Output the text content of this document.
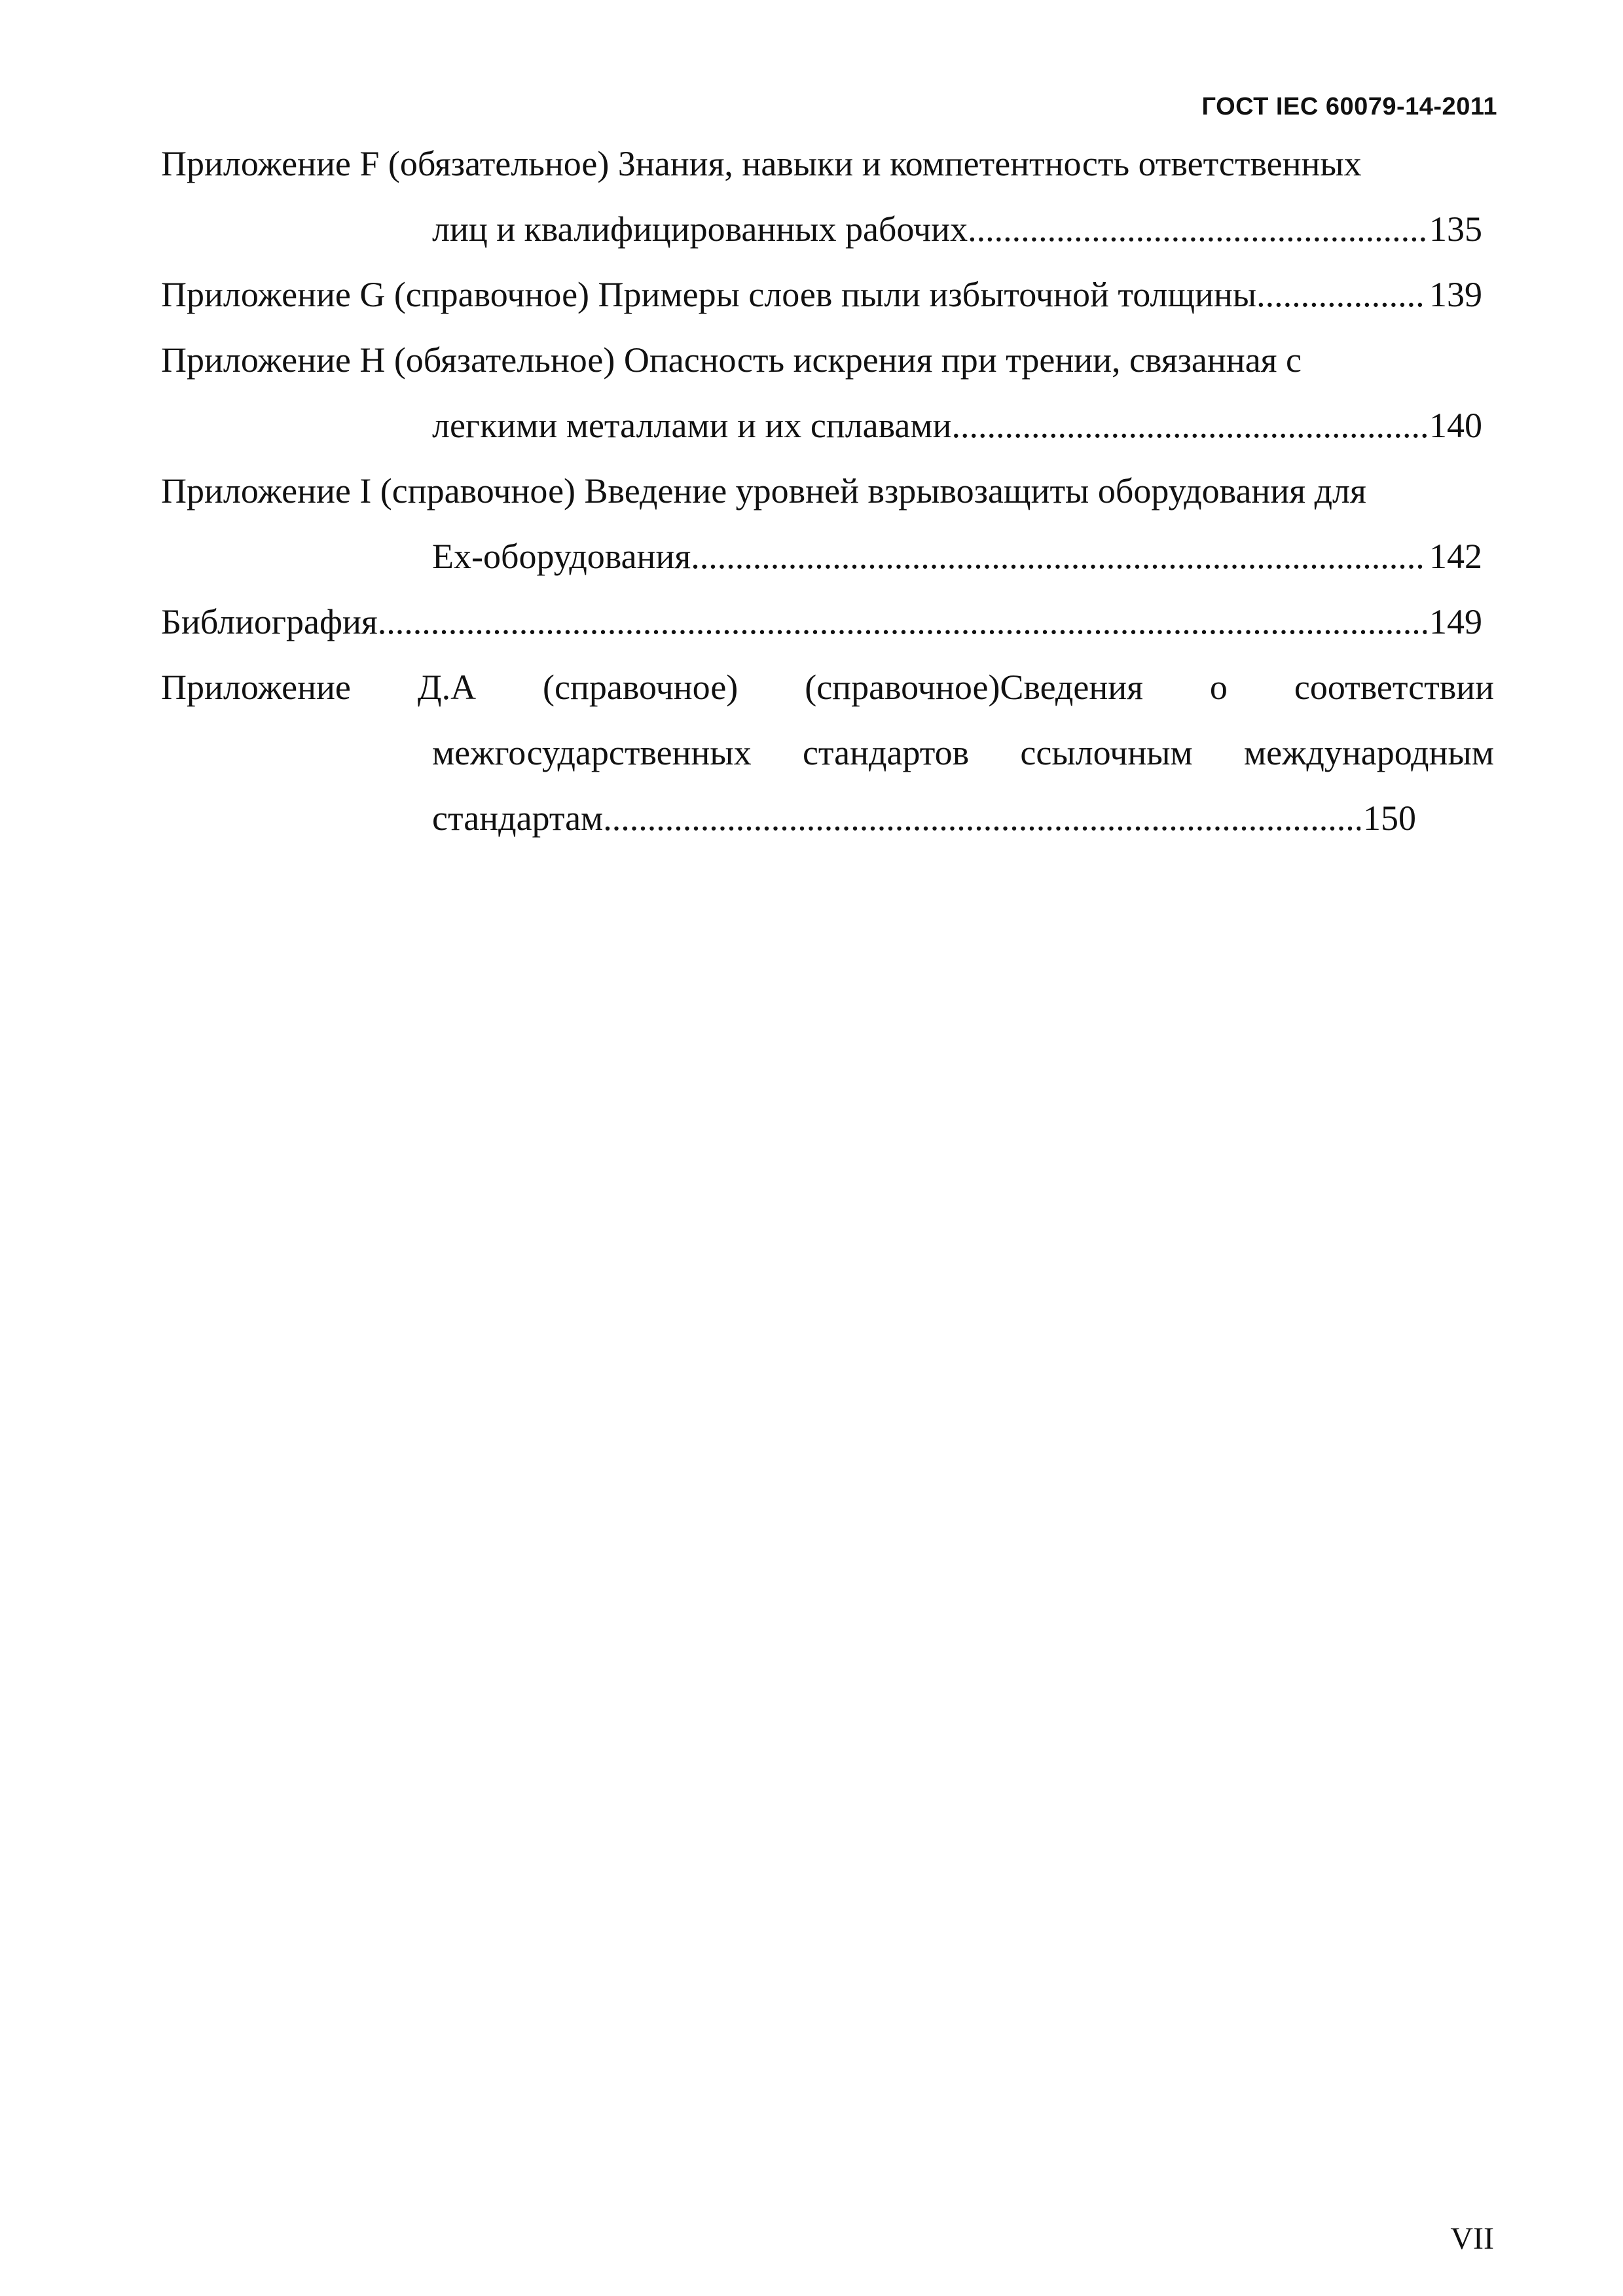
ГОСТ IEC 60079-14-2011
Приложение F (обязательное) Знания, навыки и компетентность ответственных
лиц и квалифицированных рабочих .....	135
Приложение G (справочное) Примеры слоев пыли избыточной толщины .....	139
Приложение H (обязательное) Опасность искрения при трении, связанная с
легкими металлами и их сплавами .....	140
Приложение I (справочное) Введение уровней взрывозащиты оборудования для
Ex-оборудования .....	142
Библиография .....	149
Приложение Д.А (справочное) (справочное)Сведения о соответствии
межгосударственных стандартов ссылочным международным
стандартам .....	150
VII
